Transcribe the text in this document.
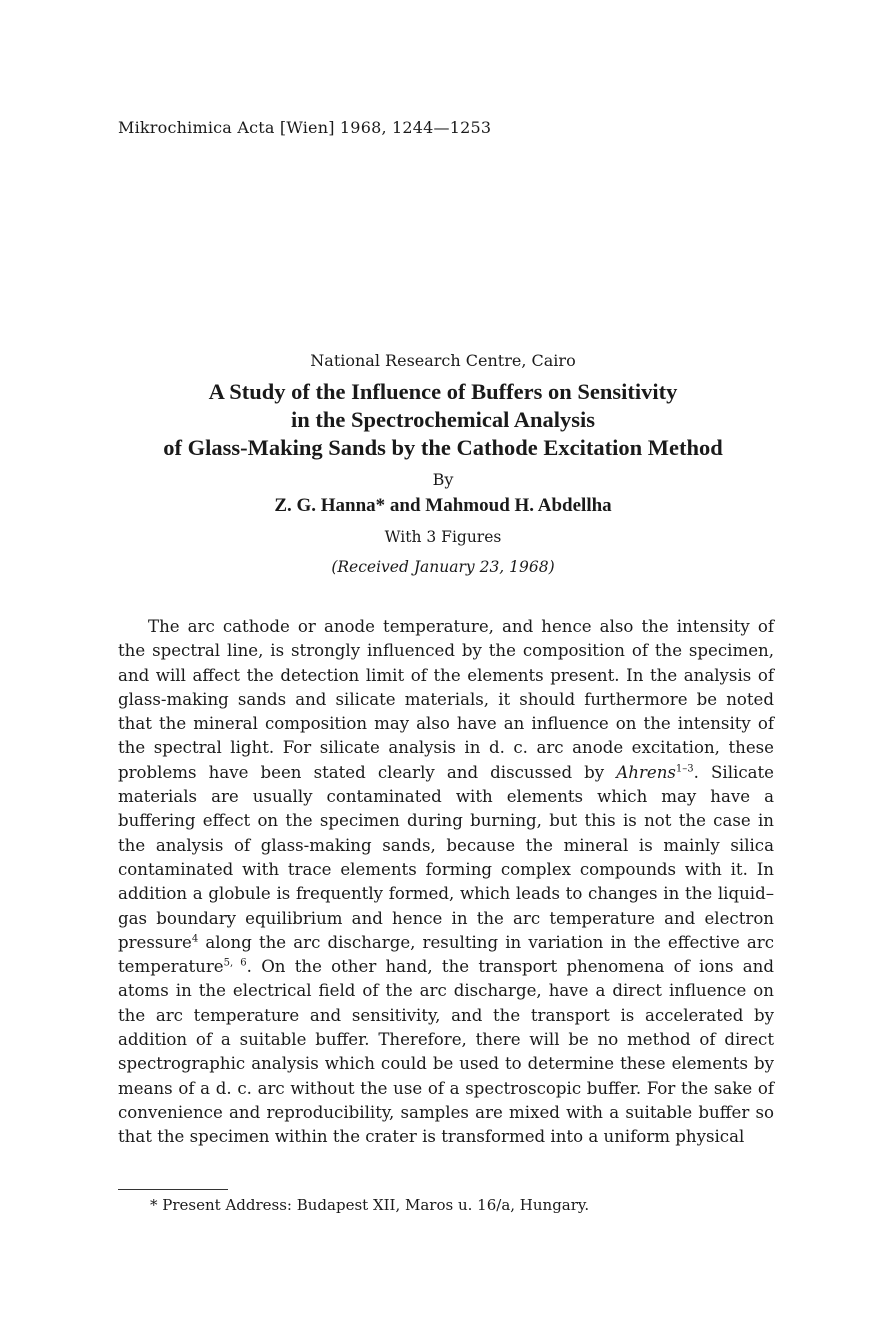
Mikrochimica Acta [Wien] 1968, 1244—1253

National Research Centre, Cairo

A Study of the Influence of Buffers on Sensitivity

in the Spectrochemical Analysis

of Glass-Making Sands by the Cathode Excitation Method

By

Z. G. Hanna* and Mahmoud H. Abdellha

With 3 Figures

(Received January 23, 1968)

The arc cathode or anode temperature, and hence also the intensity of the spectral line, is strongly influenced by the composition of the specimen, and will affect the detection limit of the elements present. In the analysis of glass-making sands and silicate materials, it should furthermore be noted that the mineral composition may also have an influence on the intensity of the spectral light. For silicate analysis in d. c. arc anode excitation, these problems have been stated clearly and discussed by Ahrens$^{1-3}$. Silicate materials are usually contaminated with elements which may have a buffering effect on the specimen during burning, but this is not the case in the analysis of glass-making sands, because the mineral is mainly silica contaminated with trace elements forming complex compounds with it. In addition a globule is frequently formed, which leads to changes in the liquid–gas boundary equilibrium and hence in the arc temperature and electron pressure$^4$ along the arc discharge, resulting in variation in the effective arc temperature$^{5, 6}$. On the other hand, the transport phenomena of ions and atoms in the electrical field of the arc discharge, have a direct influence on the arc temperature and sensitivity, and the transport is accelerated by addition of a suitable buffer. Therefore, there will be no method of direct spectrographic analysis which could be used to determine these elements by means of a d. c. arc without the use of a spectroscopic buffer. For the sake of convenience and reproducibility, samples are mixed with a suitable buffer so that the specimen within the crater is transformed into a uniform physical

* Present Address: Budapest XII, Maros u. 16/a, Hungary.
